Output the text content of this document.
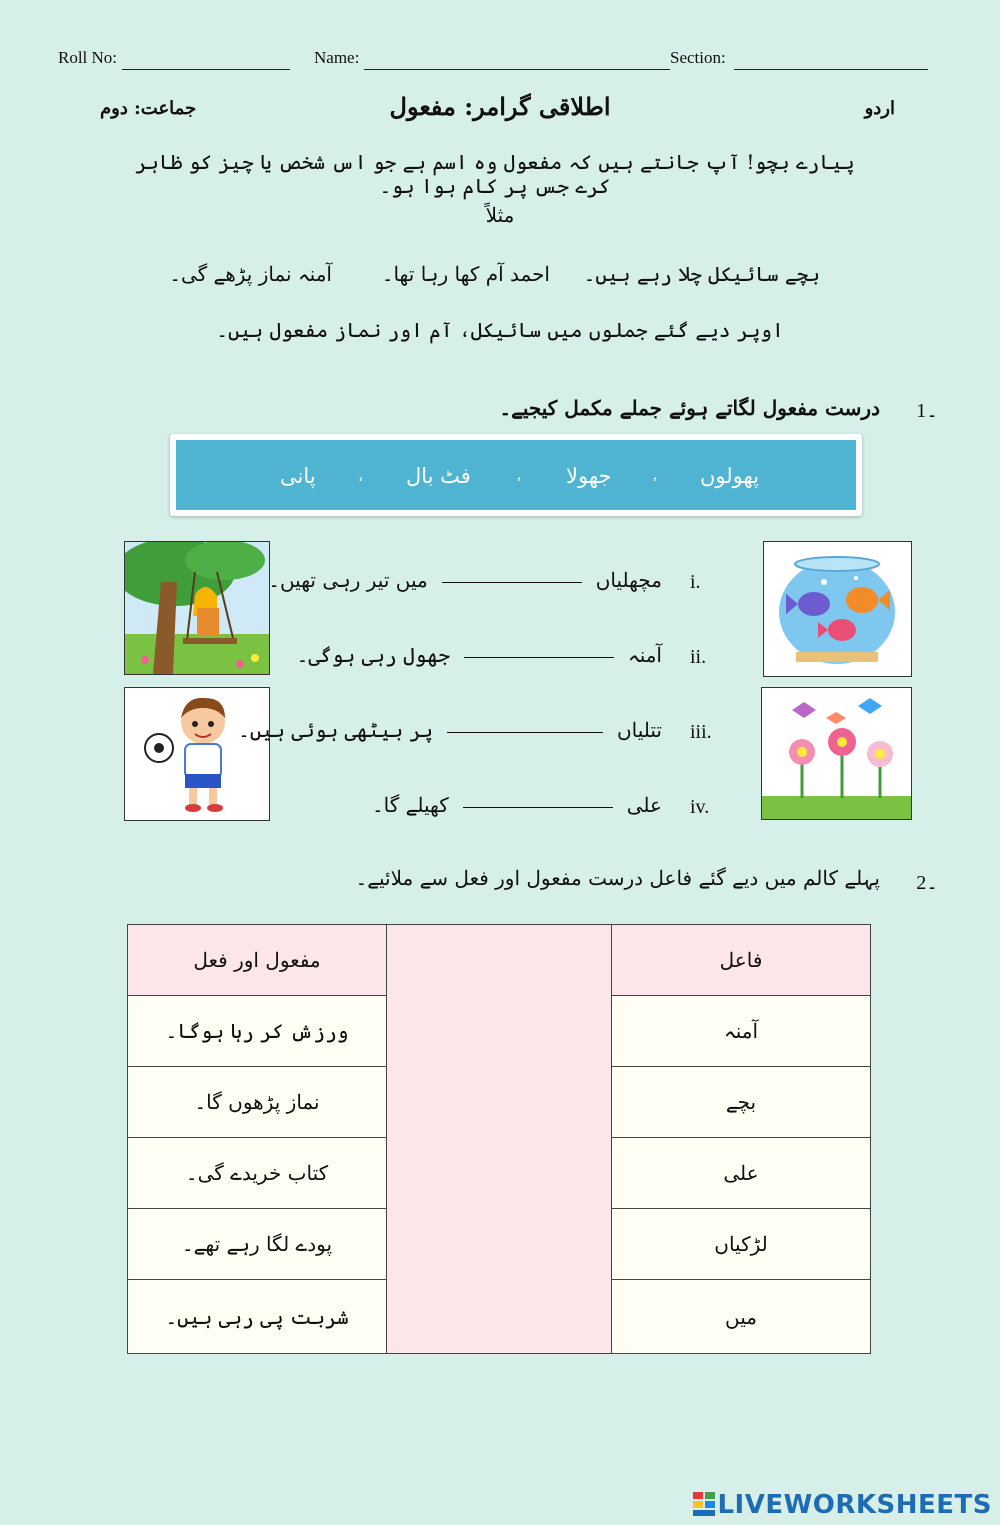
Roll No:	Name:	Section:
اردو
اطلاقی گرامر: مفعول
جماعت: دوم
پیارے بچو! آپ جانتے ہیں کہ مفعول وہ اسم ہے جو اس شخص یا چیز کو ظاہر کرے جس پر کام ہوا ہو۔
مثلاً
بچے سائیکل چلا رہے ہیں۔
احمد آم کھا رہا تھا۔
آمنہ نماز پڑھے گی۔
اوپر دیے گئے جملوں میں سائیکل، آم اور نماز مفعول ہیں۔
1۔
درست مفعول لگاتے ہوئے جملے مکمل کیجیے۔
پھولوں
،
جھولا
،
فٹ بال
،
پانی
i.
مچھلیاںمیں تیر رہی تھیں۔
ii.
آمنہجھول رہی ہوگی۔
iii.
تتلیاںپر بیٹھی ہوئی ہیں۔
iv.
علیکھیلے گا۔
2۔
پہلے کالم میں دیے گئے فاعل درست مفعول اور فعل سے ملائیے۔
مفعول اور فعل
ورزش کر رہا ہوگا۔
نماز پڑھوں گا۔
کتاب خریدے گی۔
پودے لگا رہے تھے۔
شربت پی رہی ہیں۔
فاعل
آمنہ
بچے
علی
لڑکیاں
میں
LIVEWORKSHEETS
